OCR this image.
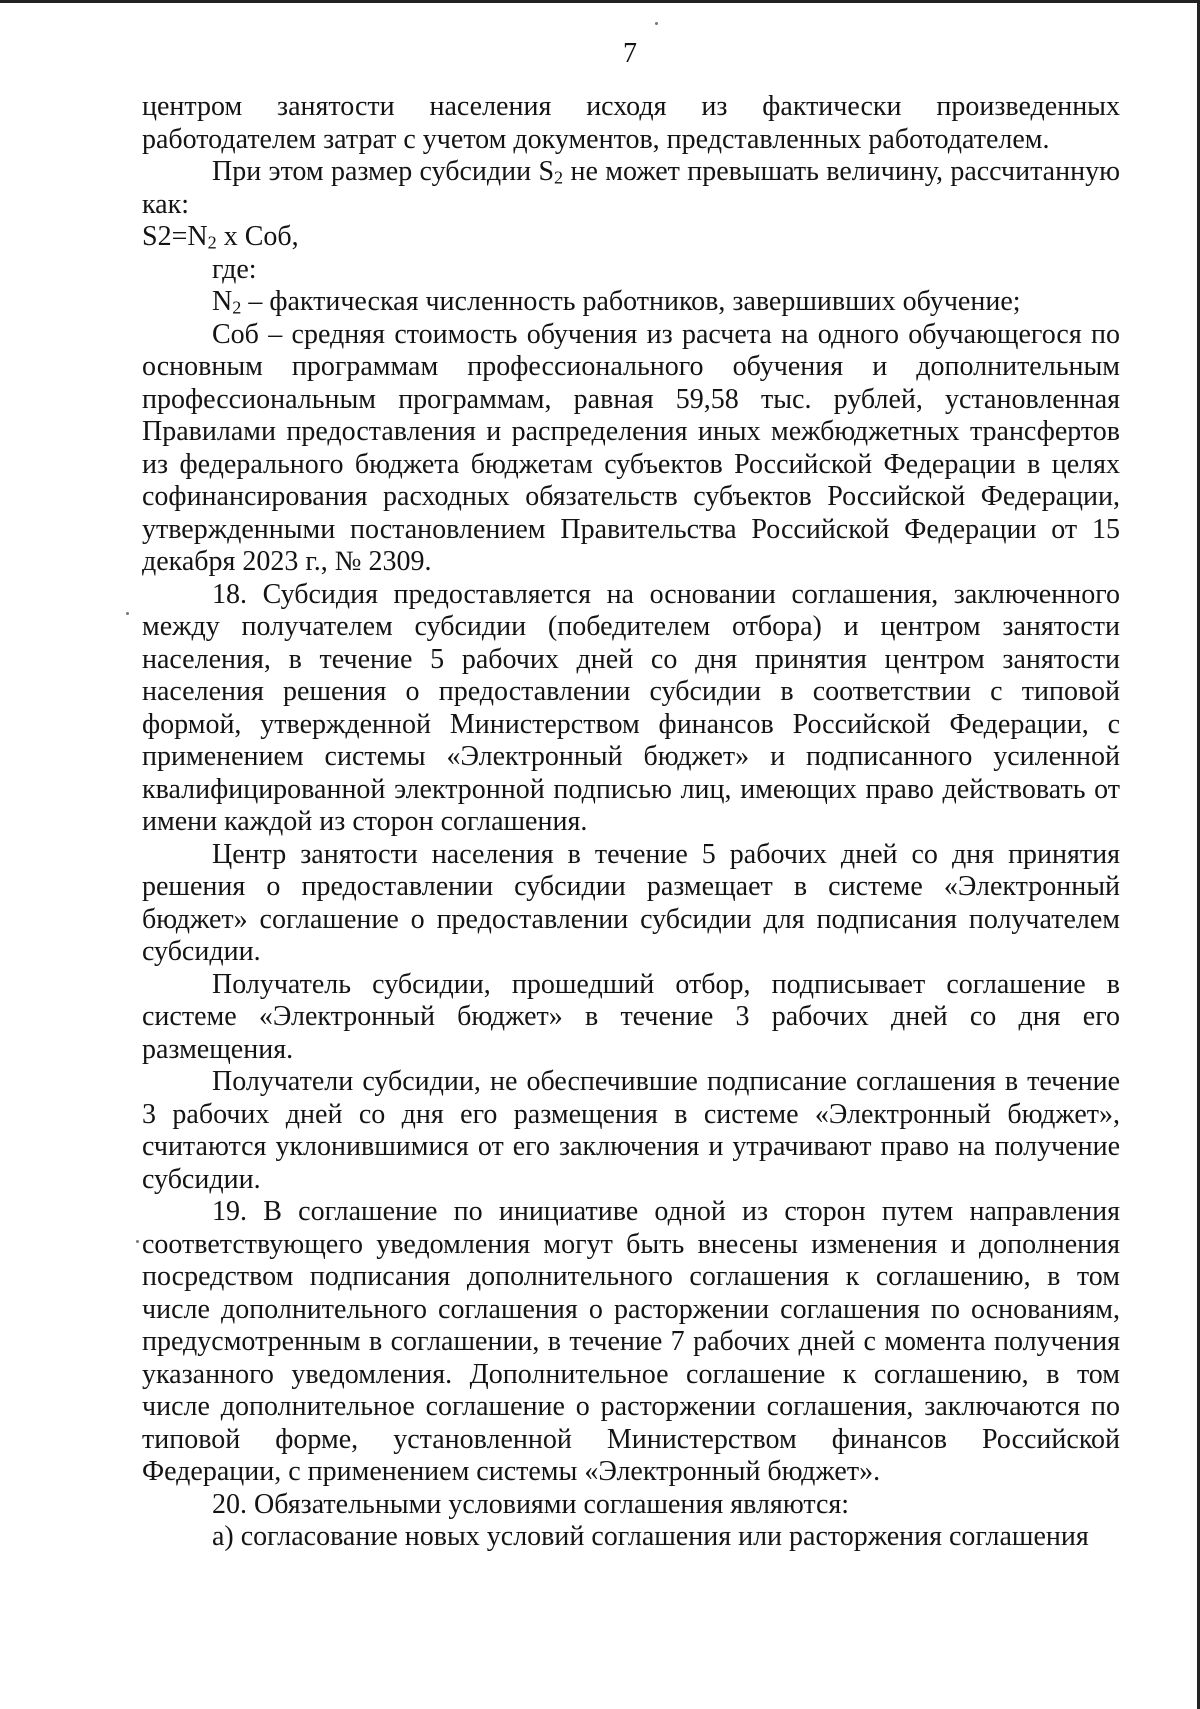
7

центром занятости населения исходя из фактически произведенных работодателем затрат с учетом документов, представленных работодателем.

При этом размер субсидии $S_2$ не может превышать величину, рассчитанную как:

$S2=N_2$ x Cоб,

где:

$N_2$ – фактическая численность работников, завершивших обучение;

Cоб – средняя стоимость обучения из расчета на одного обучающегося по основным программам профессионального обучения и дополнительным профессиональным программам, равная 59,58 тыс. рублей, установленная Правилами предоставления и распределения иных межбюджетных трансфертов из федерального бюджета бюджетам субъектов Российской Федерации в целях софинансирования расходных обязательств субъектов Российской Федерации, утвержденными постановлением Правительства Российской Федерации от 15 декабря 2023 г., № 2309.

18. Субсидия предоставляется на основании соглашения, заключенного между получателем субсидии (победителем отбора) и центром занятости населения, в течение 5 рабочих дней со дня принятия центром занятости населения решения о предоставлении субсидии в соответствии с типовой формой, утвержденной Министерством финансов Российской Федерации, с применением системы «Электронный бюджет» и подписанного усиленной квалифицированной электронной подписью лиц, имеющих право действовать от имени каждой из сторон соглашения.

Центр занятости населения в течение 5 рабочих дней со дня принятия решения о предоставлении субсидии размещает в системе «Электронный бюджет» соглашение о предоставлении субсидии для подписания получателем субсидии.

Получатель субсидии, прошедший отбор, подписывает соглашение в системе «Электронный бюджет» в течение 3 рабочих дней со дня его размещения.

Получатели субсидии, не обеспечившие подписание соглашения в течение 3 рабочих дней со дня его размещения в системе «Электронный бюджет», считаются уклонившимися от его заключения и утрачивают право на получение субсидии.

19. В соглашение по инициативе одной из сторон путем направления соответствующего уведомления могут быть внесены изменения и дополнения посредством подписания дополнительного соглашения к соглашению, в том числе дополнительного соглашения о расторжении соглашения по основаниям, предусмотренным в соглашении, в течение 7 рабочих дней с момента получения указанного уведомления. Дополнительное соглашение к соглашению, в том числе дополнительное соглашение о расторжении соглашения, заключаются по типовой форме, установленной Министерством финансов Российской Федерации, с применением системы «Электронный бюджет».

20. Обязательными условиями соглашения являются:

а) согласование новых условий соглашения или расторжения соглашения
